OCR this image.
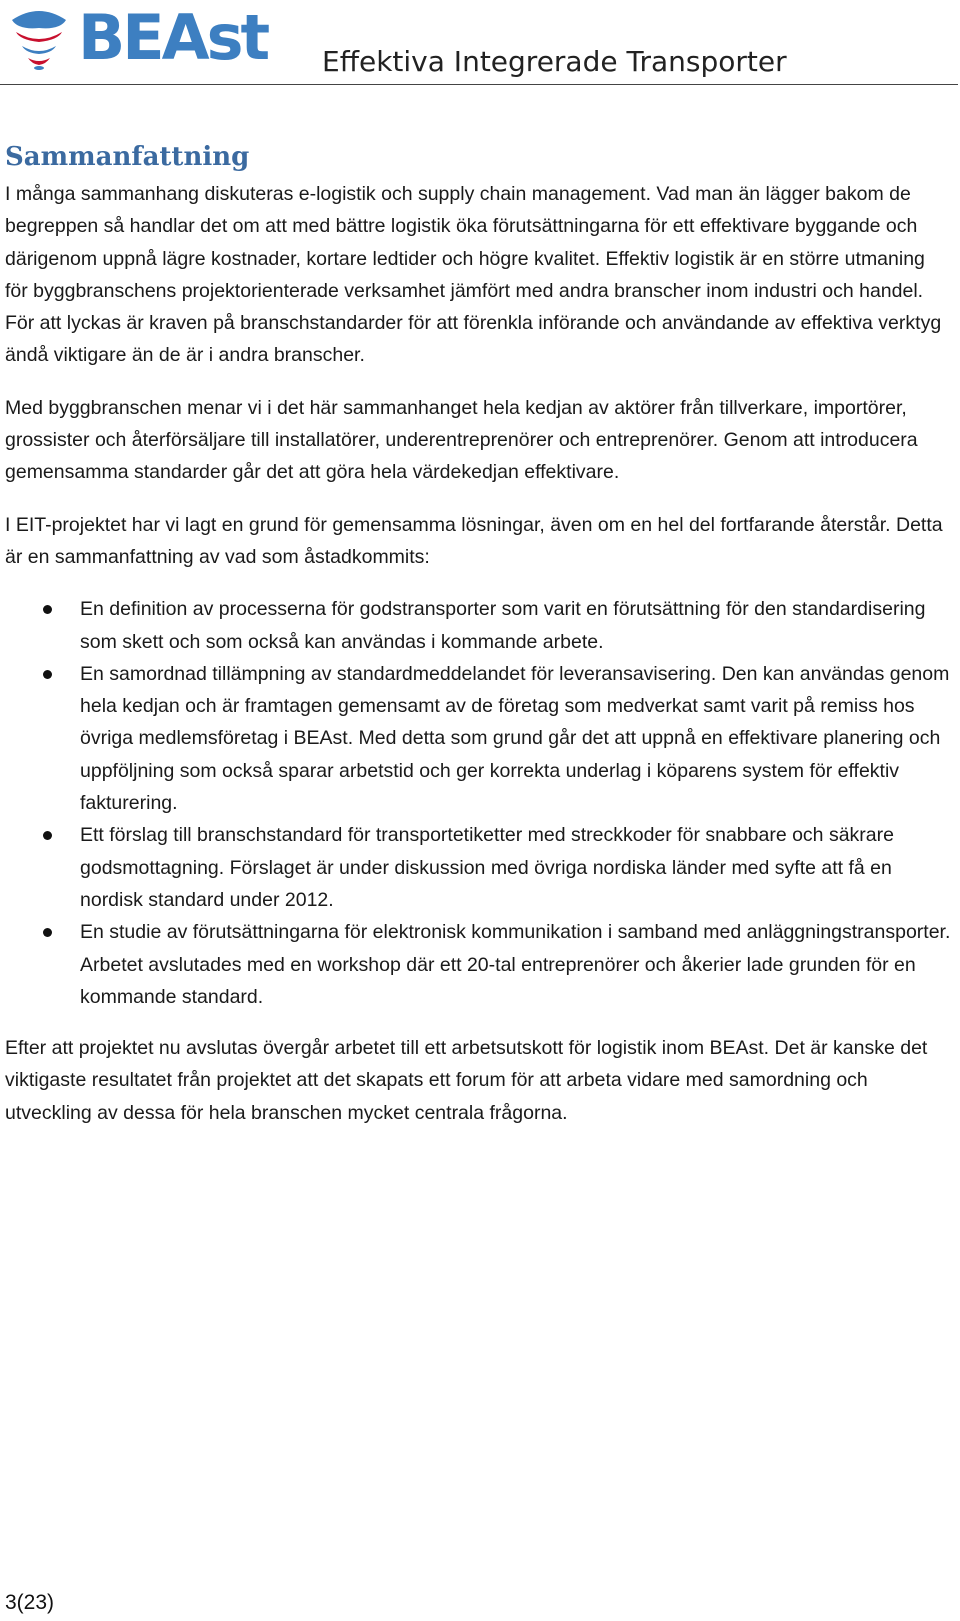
BEAst Effektiva Integrerade Transporter
Sammanfattning

I många sammanhang diskuteras e-logistik och supply chain management. Vad man än lägger bakom de begreppen så handlar det om att med bättre logistik öka förutsättningarna för ett effektivare byggande och därigenom uppnå lägre kostnader, kortare ledtider och högre kvalitet. Effektiv logistik är en större utmaning för byggbranschens projektorienterade verksamhet jämfört med andra branscher inom industri och handel. För att lyckas är kraven på branschstandarder för att förenkla införande och användande av effektiva verktyg ändå viktigare än de är i andra branscher.

Med byggbranschen menar vi i det här sammanhanget hela kedjan av aktörer från tillverkare, importörer, grossister och återförsäljare till installatörer, underentreprenörer och entreprenörer. Genom att introducera gemensamma standarder går det att göra hela värdekedjan effektivare.

I EIT-projektet har vi lagt en grund för gemensamma lösningar, även om en hel del fortfarande återstår. Detta är en sammanfattning av vad som åstadkommits:

En definition av processerna för godstransporter som varit en förutsättning för den standardisering som skett och som också kan användas i kommande arbete.
En samordnad tillämpning av standardmeddelandet för leveransavisering. Den kan användas genom hela kedjan och är framtagen gemensamt av de företag som medverkat samt varit på remiss hos övriga medlemsföretag i BEAst. Med detta som grund går det att uppnå en effektivare planering och uppföljning som också sparar arbetstid och ger korrekta underlag i köparens system för effektiv fakturering.
Ett förslag till branschstandard för transportetiketter med streckkoder för snabbare och säkrare godsmottagning. Förslaget är under diskussion med övriga nordiska länder med syfte att få en nordisk standard under 2012.
En studie av förutsättningarna för elektronisk kommunikation i samband med anläggningstransporter. Arbetet avslutades med en workshop där ett 20-tal entreprenörer och åkerier lade grunden för en kommande standard.

Efter att projektet nu avslutas övergår arbetet till ett arbetsutskott för logistik inom BEAst. Det är kanske det viktigaste resultatet från projektet att det skapats ett forum för att arbeta vidare med samordning och utveckling av dessa för hela branschen mycket centrala frågorna.

3(23)
